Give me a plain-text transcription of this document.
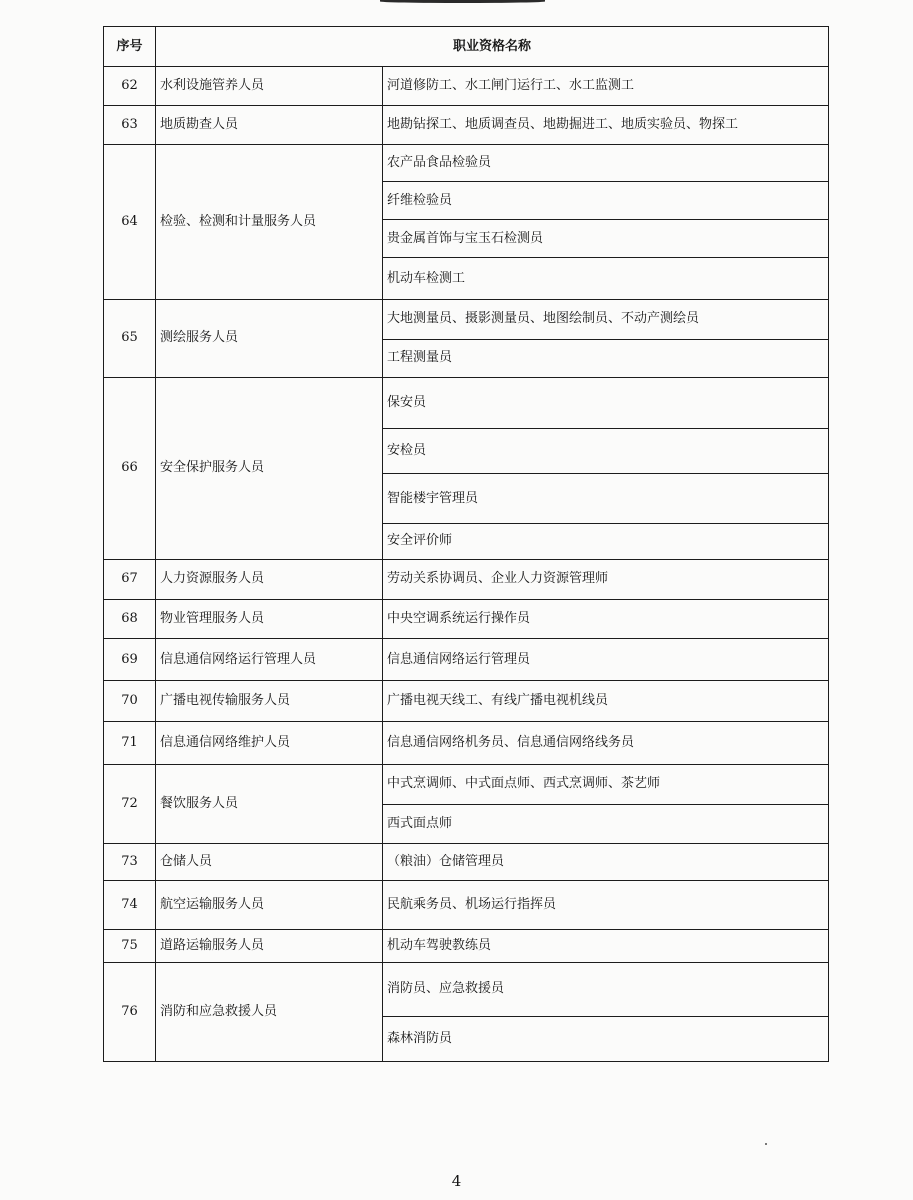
序号	职业资格名称	
62	水利设施管养人员	河道修防工、水工闸门运行工、水工监测工
63	地质勘查人员	地勘钻探工、地质调查员、地勘掘进工、地质实验员、物探工
64	检验、检测和计量服务人员	农产品食品检验员
		纤维检验员
		贵金属首饰与宝玉石检测员
		机动车检测工
65	测绘服务人员	大地测量员、摄影测量员、地图绘制员、不动产测绘员
		工程测量员
66	安全保护服务人员	保安员
		安检员
		智能楼宇管理员
		安全评价师
67	人力资源服务人员	劳动关系协调员、企业人力资源管理师
68	物业管理服务人员	中央空调系统运行操作员
69	信息通信网络运行管理人员	信息通信网络运行管理员
70	广播电视传输服务人员	广播电视天线工、有线广播电视机线员
71	信息通信网络维护人员	信息通信网络机务员、信息通信网络线务员
72	餐饮服务人员	中式烹调师、中式面点师、西式烹调师、茶艺师
		西式面点师
73	仓储人员	（粮油）仓储管理员
74	航空运输服务人员	民航乘务员、机场运行指挥员
75	道路运输服务人员	机动车驾驶教练员
76	消防和应急救援人员	消防员、应急救援员
		森林消防员
4
